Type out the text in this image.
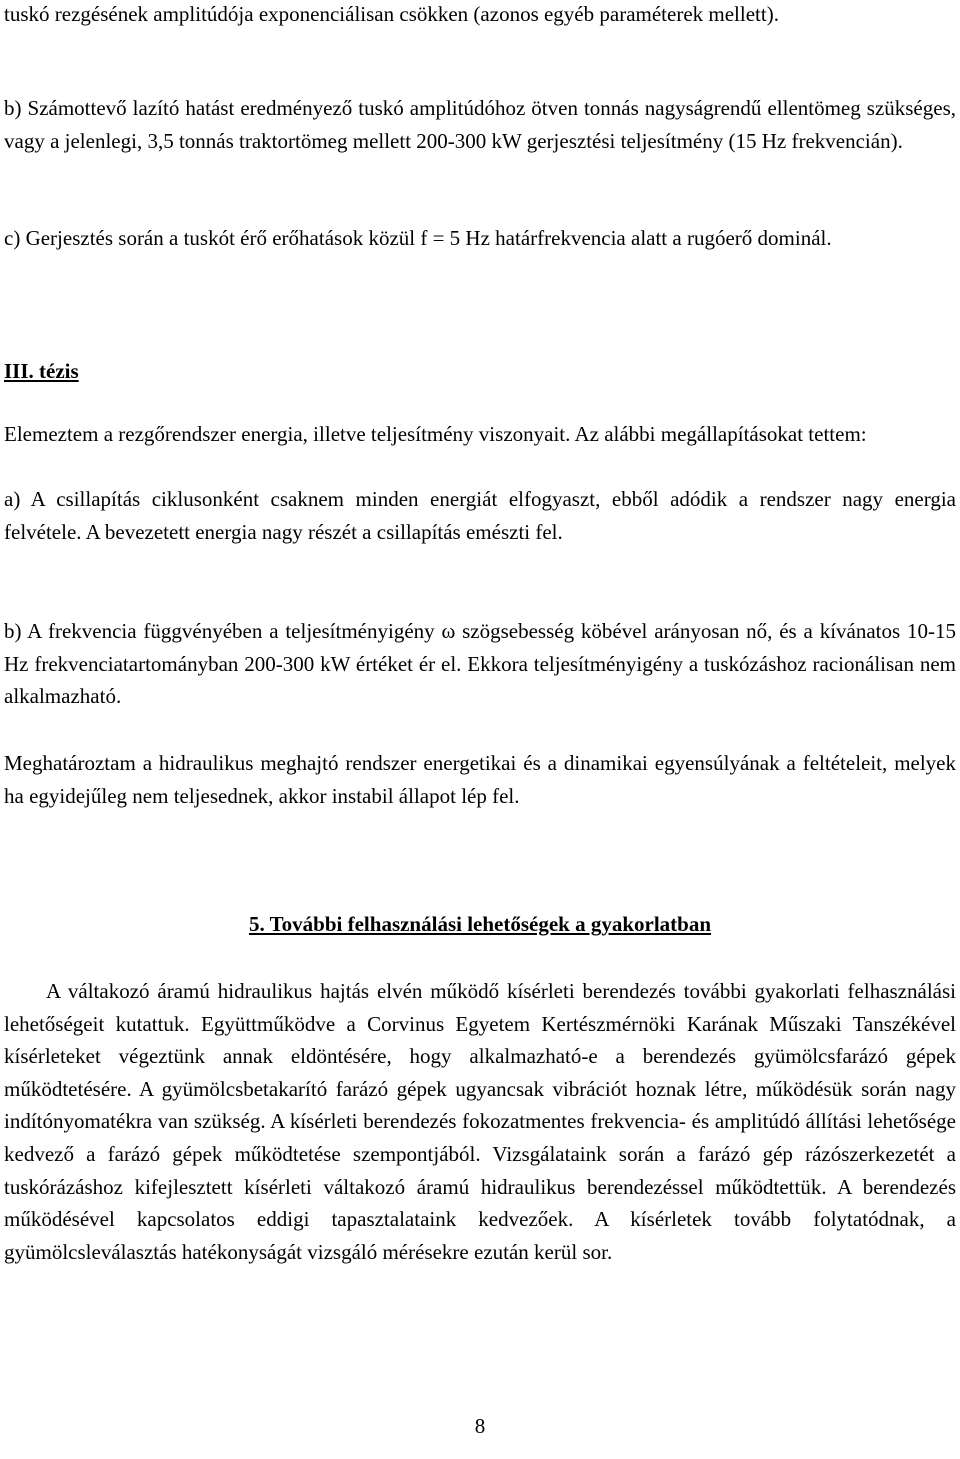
tuskó rezgésének amplitúdója exponenciálisan csökken (azonos egyéb paraméterek mellett).

b) Számottevő lazító hatást eredményező tuskó amplitúdóhoz ötven tonnás nagyságrendű ellentömeg szükséges, vagy a jelenlegi, 3,5 tonnás traktortömeg mellett 200-300 kW gerjesztési teljesítmény (15 Hz frekvencián).

c) Gerjesztés során a tuskót érő erőhatások közül f = 5 Hz határfrekvencia alatt a rugóerő dominál.

III. tézis

Elemeztem a rezgőrendszer energia, illetve teljesítmény viszonyait. Az alábbi megállapításokat tettem:

a) A csillapítás ciklusonként csaknem minden energiát elfogyaszt, ebből adódik a rendszer nagy energia felvétele. A bevezetett energia nagy részét a csillapítás emészti fel.

b) A frekvencia függvényében a teljesítményigény ω szögsebesség köbével arányosan nő, és a kívánatos 10-15 Hz frekvenciatartományban 200-300 kW értéket ér el. Ekkora teljesítményigény a tuskózáshoz racionálisan nem alkalmazható.

Meghatároztam a hidraulikus meghajtó rendszer energetikai és a dinamikai egyensúlyának a feltételeit, melyek ha egyidejűleg nem teljesednek, akkor instabil állapot lép fel.

5. További felhasználási lehetőségek a gyakorlatban

A váltakozó áramú hidraulikus hajtás elvén működő kísérleti berendezés további gyakorlati felhasználási lehetőségeit kutattuk. Együttműködve a Corvinus Egyetem Kertészmérnöki Karának Műszaki Tanszékével kísérleteket végeztünk annak eldöntésére, hogy alkalmazható-e a berendezés gyümölcsfarázó gépek működtetésére. A gyümölcsbetakarító farázó gépek ugyancsak vibrációt hoznak létre, működésük során nagy indítónyomatékra van szükség. A kísérleti berendezés fokozatmentes frekvencia- és amplitúdó állítási lehetősége kedvező a farázó gépek működtetése szempontjából. Vizsgálataink során a farázó gép rázószerkezetét a tuskórázáshoz kifejlesztett kísérleti váltakozó áramú hidraulikus berendezéssel működtettük. A berendezés működésével kapcsolatos eddigi tapasztalataink kedvezőek. A kísérletek tovább folytatódnak, a gyümölcsleválasztás hatékonyságát vizsgáló mérésekre ezután kerül sor.

8
